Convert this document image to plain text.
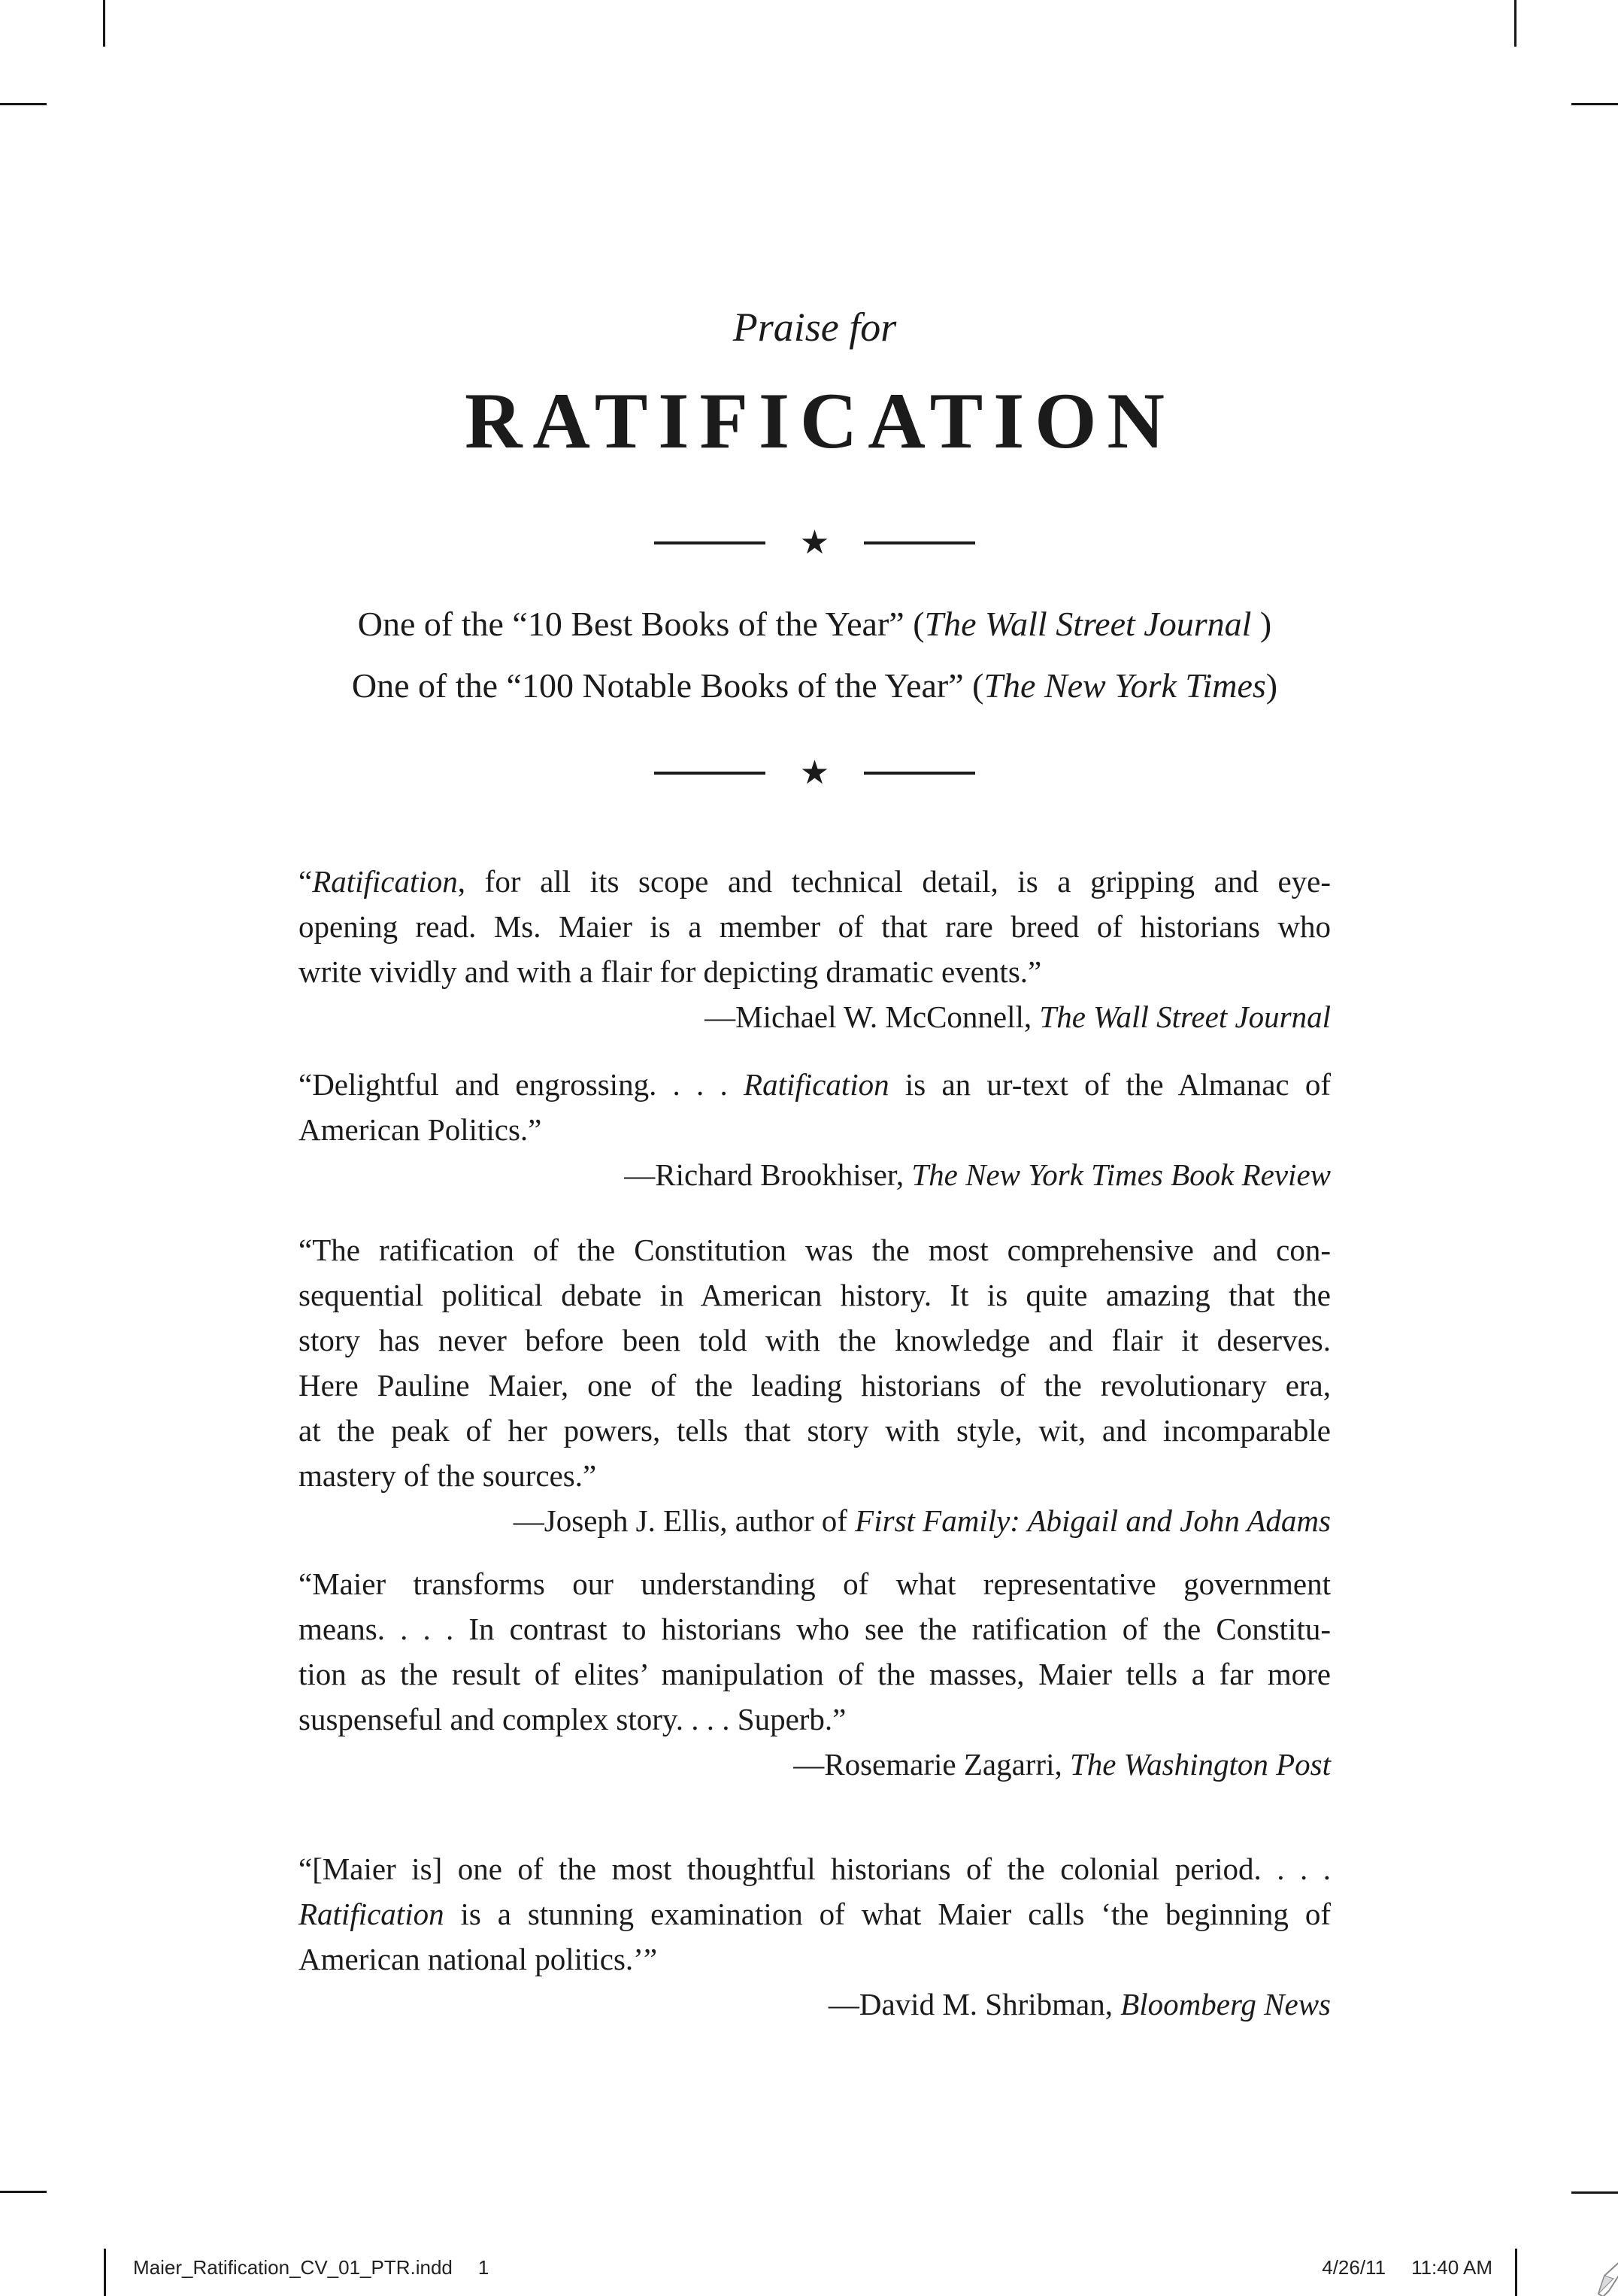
Praise for
RATIFICATION
★
One of the “10 Best Books of the Year” (The Wall Street Journal )
One of the “100 Notable Books of the Year” (The New York Times)
★
“Ratification, for all its scope and technical detail, is a gripping and eye-
opening read. Ms. Maier is a member of that rare breed of historians who
write vividly and with a flair for depicting dramatic events.”
—Michael W. McConnell, The Wall Street Journal
“Delightful and engrossing. . . . Ratification is an ur-text of the Almanac of
American Politics.”
—Richard Brookhiser, The New York Times Book Review
“The ratification of the Constitution was the most comprehensive and con-
sequential political debate in American history. It is quite amazing that the
story has never before been told with the knowledge and flair it deserves.
Here Pauline Maier, one of the leading historians of the revolutionary era,
at the peak of her powers, tells that story with style, wit, and incomparable
mastery of the sources.”
—Joseph J. Ellis, author of First Family: Abigail and John Adams
“Maier transforms our understanding of what representative government
means. . . . In contrast to historians who see the ratification of the Constitu-
tion as the result of elites’ manipulation of the masses, Maier tells a far more
suspenseful and complex story. . . . Superb.”
—Rosemarie Zagarri, The Washington Post
“[Maier is] one of the most thoughtful historians of the colonial period. . . .
Ratification is a stunning examination of what Maier calls ‘the beginning of
American national politics.’”
—David M. Shribman, Bloomberg News
Maier_Ratification_CV_01_PTR.indd 1	4/26/11 11:40 AM
